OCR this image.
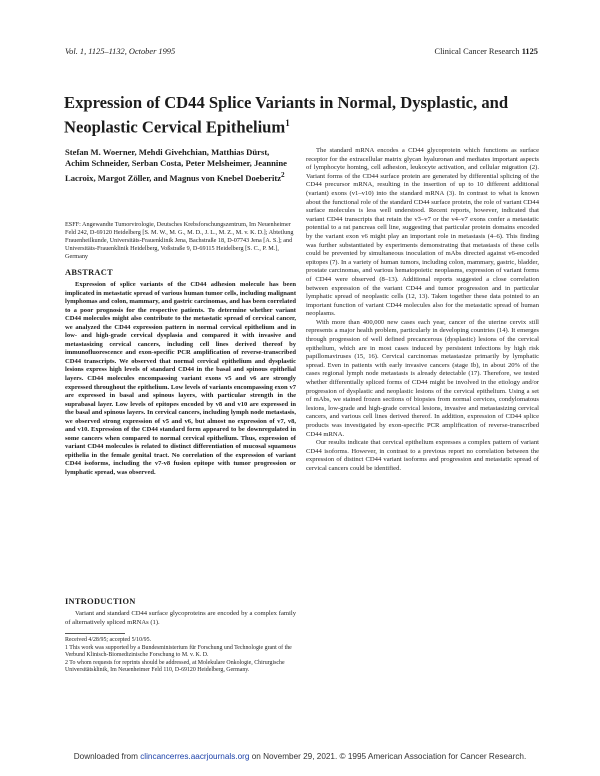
Vol. 1, 1125–1132, October 1995	Clinical Cancer Research 1125
Expression of CD44 Splice Variants in Normal, Dysplastic, and Neoplastic Cervical Epithelium$^1$
Stefan M. Woerner, Mehdi Givehchian, Matthias Dürst, Achim Schneider, Serban Costa, Peter Melsheimer, Jeannine Lacroix, Margot Zöller, and Magnus von Knebel Doeberitz$^2$
ESFF: Angewandte Tumorvirologie, Deutsches Krebsforschungszentrum, Im Neuenheimer Feld 242, D-69120 Heidelberg [S. M. W., M. G., M. D., J. L., M. Z., M. v. K. D.]; Abteilung Frauenheilkunde, Universitäts-Frauenklinik Jena, Bachstraße 18, D-07743 Jena [A. S.]; and Universitäts-Frauenklinik Heidelberg, Voßstraße 9, D-69115 Heidelberg [S. C., P. M.], Germany
ABSTRACT
Expression of splice variants of the CD44 adhesion molecule has been implicated in metastatic spread of various human tumor cells, including malignant lymphomas and colon, mammary, and gastric carcinomas, and has been correlated to a poor prognosis for the respective patients. To determine whether variant CD44 molecules might also contribute to the metastatic spread of cervical cancer, we analyzed the CD44 expression pattern in normal cervical epithelium and in low- and high-grade cervical dysplasia and compared it with invasive and metastasizing cervical cancers, including cell lines derived thereof by immunofluorescence and exon-specific PCR amplification of reverse-transcribed CD44 transcripts. We observed that normal cervical epithelium and dysplastic lesions express high levels of standard CD44 in the basal and spinous epithelial layers. CD44 molecules encompassing variant exons v5 and v6 are strongly expressed throughout the epithelium. Low levels of variants encompassing exon v7 are expressed in basal and spinous layers, with particular strength in the suprabasal layer. Low levels of epitopes encoded by v8 and v10 are expressed in the basal and spinous layers. In cervical cancers, including lymph node metastasis, we observed strong expression of v5 and v6, but almost no expression of v7, v8, and v10. Expression of the CD44 standard form appeared to be downregulated in some cancers when compared to normal cervical epithelium. Thus, expression of variant CD44 molecules is related to distinct differentiation of mucosal squamous epithelia in the female genital tract. No correlation of the expression of variant CD44 isoforms, including the v7-v8 fusion epitope with tumor progression or lymphatic spread, was observed.
INTRODUCTION
Variant and standard CD44 surface glycoproteins are encoded by a complex family of alternatively spliced mRNAs (1).

Received 4/28/95; accepted 5/10/95.

1 This work was supported by a Bundesministerium für Forschung und Technologie grant of the Verbund Klinisch-Biomedizinische Forschung to M. v. K. D.

2 To whom requests for reprints should be addressed, at Molekulare Onkologie, Chirurgische Universitätsklinik, Im Neuenheimer Feld 110, D-69120 Heidelberg, Germany.

The standard mRNA encodes a CD44 glycoprotein which functions as surface receptor for the extracellular matrix glycan hyaluronan and mediates important aspects of lymphocyte homing, cell adhesion, leukocyte activation, and cellular migration (2). Variant forms of the CD44 surface protein are generated by differential splicing of the CD44 precursor mRNA, resulting in the insertion of up to 10 different additional (variant) exons (v1–v10) into the standard mRNA (3). In contrast to what is known about the functional role of the standard CD44 surface protein, the role of variant CD44 surface molecules is less well understood. Recent reports, however, indicated that variant CD44 transcripts that retain the v3–v7 or the v4–v7 exons confer a metastatic potential to a rat pancreas cell line, suggesting that particular protein domains encoded by the variant exon v6 might play an important role in metastasis (4–6). This finding was further substantiated by experiments demonstrating that metastasis of these cells could be prevented by simultaneous inoculation of mAbs directed against v6-encoded epitopes (7). In a variety of human tumors, including colon, mammary, gastric, bladder, prostate carcinomas, and various hematopoietic neoplasms, expression of variant forms of CD44 were observed (8–13). Additional reports suggested a close correlation between expression of the variant CD44 and tumor progression and in particular lymphatic spread of neoplastic cells (12, 13). Taken together these data pointed to an important function of variant CD44 molecules also for the metastatic spread of human neoplasms.

With more than 400,000 new cases each year, cancer of the uterine cervix still represents a major health problem, particularly in developing countries (14). It emerges through progression of well defined precancerous (dysplastic) lesions of the cervical epithelium, which are in most cases induced by persistent infections by high risk papillomaviruses (15, 16). Cervical carcinomas metastasize primarily by lymphatic spread. Even in patients with early invasive cancers (stage Ib), in about 20% of the cases regional lymph node metastasis is already detectable (17). Therefore, we tested whether differentially spliced forms of CD44 might be involved in the etiology and/or progression of dysplastic and neoplastic lesions of the cervical epithelium. Using a set of mAbs, we stained frozen sections of biopsies from normal cervices, condylomatous lesions, low-grade and high-grade cervical lesions, invasive and metastasizing cervical cancers, and various cell lines derived thereof. In addition, expression of CD44 splice products was investigated by exon-specific PCR amplification of reverse-transcribed CD44 mRNA.

Our results indicate that cervical epithelium expresses a complex pattern of variant CD44 isoforms. However, in contrast to a previous report no correlation between the expression of distinct CD44 variant isoforms and progression and metastatic spread of cervical cancers could be identified.

Downloaded from clincancerres.aacrjournals.org on November 29, 2021. © 1995 American Association for Cancer Research.
